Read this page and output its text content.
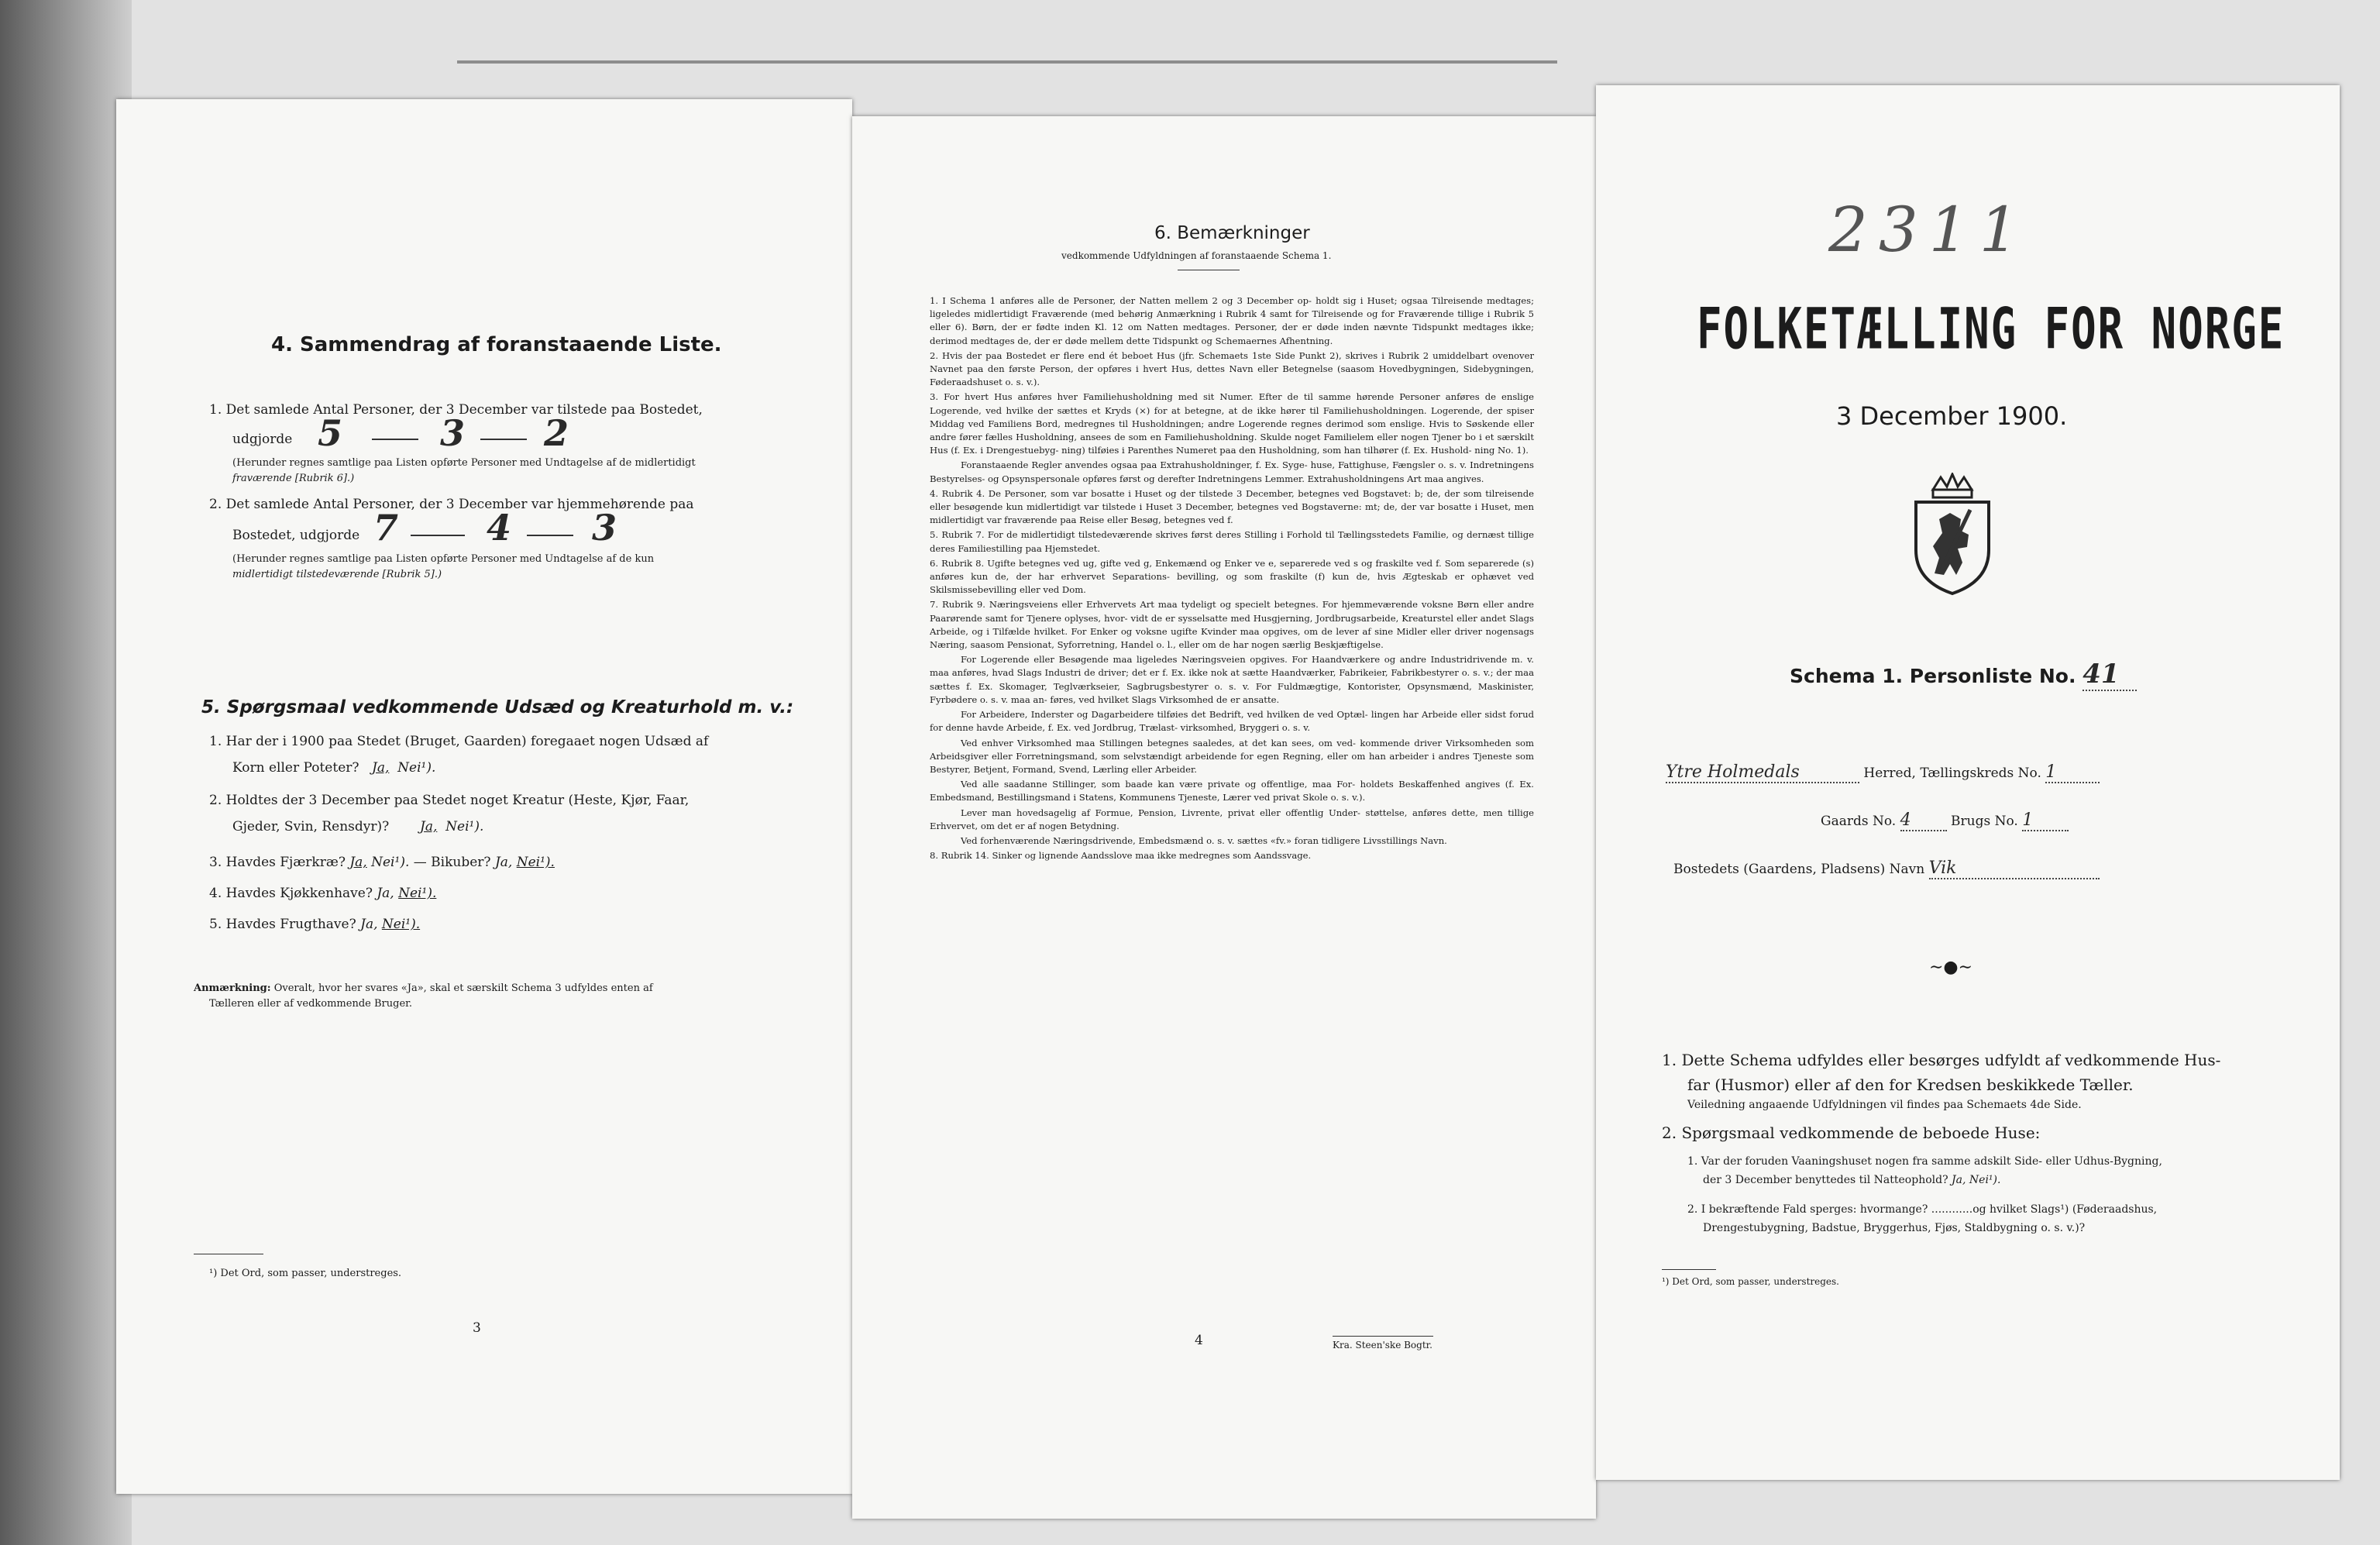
4. Sammendrag af foranstaaende Liste.
1. Det samlede Antal Personer, der 3 December var tilstede paa Bostedet,
udgjorde 5	3 2
(Herunder regnes samtlige paa Listen opførte Personer med Undtagelse af de midlertidigt
fraværende [Rubrik 6].)
2. Det samlede Antal Personer, der 3 December var hjemmehørende paa
Bostedet, udgjorde 7 4 3
(Herunder regnes samtlige paa Listen opførte Personer med Undtagelse af de kun
midlertidigt tilstedeværende [Rubrik 5].)
5. Spørgsmaal vedkommende Udsæd og Kreaturhold m. v.:
1. Har der i 1900 paa Stedet (Bruget, Gaarden) foregaaet nogen Udsæd af
Korn eller Poteter? Ja, Nei¹).
2. Holdtes der 3 December paa Stedet noget Kreatur (Heste, Kjør, Faar,
Gjeder, Svin, Rensdyr)? Ja, Nei¹).
3. Havdes Fjærkræ? Ja, Nei¹). — Bikuber? Ja, Nei¹).
4. Havdes Kjøkkenhave? Ja, Nei¹).
5. Havdes Frugthave? Ja, Nei¹).
Anmærkning: Overalt, hvor her svares «Ja», skal et særskilt Schema 3 udfyldes enten af
Tælleren eller af vedkommende Bruger.
¹) Det Ord, som passer, understreges.
3
6. Bemærkninger
vedkommende Udfyldningen af foranstaaende Schema 1.
1. I Schema 1 anføres alle de Personer, der Natten mellem 2 og 3 December op- holdt sig i Huset; ogsaa Tilreisende medtages; ligeledes midlertidigt Fraværende (med behørig Anmærkning i Rubrik 4 samt for Tilreisende og for Fraværende tillige i Rubrik 5 eller 6). Børn, der er fødte inden Kl. 12 om Natten medtages. Personer, der er døde inden nævnte Tidspunkt medtages ikke; derimod medtages de, der er døde mellem dette Tidspunkt og Schemaernes Afhentning.
2. Hvis der paa Bostedet er flere end ét beboet Hus (jfr. Schemaets 1ste Side Punkt 2), skrives i Rubrik 2 umiddelbart ovenover Navnet paa den første Person, der opføres i hvert Hus, dettes Navn eller Betegnelse (saasom Hovedbygningen, Sidebygningen, Føderaadshuset o. s. v.).
3. For hvert Hus anføres hver Familiehusholdning med sit Numer. Efter de til samme hørende Personer anføres de enslige Logerende, ved hvilke der sættes et Kryds (×) for at betegne, at de ikke hører til Familiehusholdningen. Logerende, der spiser Middag ved Familiens Bord, medregnes til Husholdningen; andre Logerende regnes derimod som enslige. Hvis to Søskende eller andre fører fælles Husholdning, ansees de som en Familiehusholdning. Skulde noget Familielem eller nogen Tjener bo i et særskilt Hus (f. Ex. i Drengestuebyg- ning) tilføies i Parenthes Numeret paa den Husholdning, som han tilhører (f. Ex. Hushold- ning No. 1).
Foranstaaende Regler anvendes ogsaa paa Extrahusholdninger, f. Ex. Syge- huse, Fattighuse, Fængsler o. s. v. Indretningens Bestyrelses- og Opsynspersonale opføres først og derefter Indretningens Lemmer. Extrahusholdningens Art maa angives.
4. Rubrik 4. De Personer, som var bosatte i Huset og der tilstede 3 December, betegnes ved Bogstavet: b; de, der som tilreisende eller besøgende kun midlertidigt var tilstede i Huset 3 December, betegnes ved Bogstaverne: mt; de, der var bosatte i Huset, men midlertidigt var fraværende paa Reise eller Besøg, betegnes ved f.
5. Rubrik 7. For de midlertidigt tilstedeværende skrives først deres Stilling i Forhold til Tællingsstedets Familie, og dernæst tillige deres Familiestilling paa Hjemstedet.
6. Rubrik 8. Ugifte betegnes ved ug, gifte ved g, Enkemænd og Enker ve e, separerede ved s og fraskilte ved f. Som separerede (s) anføres kun de, der har erhvervet Separations- bevilling, og som fraskilte (f) kun de, hvis Ægteskab er ophævet ved Skilsmissebevilling eller ved Dom.
7. Rubrik 9. Næringsveiens eller Erhvervets Art maa tydeligt og specielt betegnes. For hjemmeværende voksne Børn eller andre Paarørende samt for Tjenere oplyses, hvor- vidt de er sysselsatte med Husgjerning, Jordbrugsarbeide, Kreaturstel eller andet Slags Arbeide, og i Tilfælde hvilket. For Enker og voksne ugifte Kvinder maa opgives, om de lever af sine Midler eller driver nogensags Næring, saasom Pensionat, Syforretning, Handel o. l., eller om de har nogen særlig Beskjæftigelse.
For Logerende eller Besøgende maa ligeledes Næringsveien opgives. For Haandværkere og andre Industridrivende m. v. maa anføres, hvad Slags Industri de driver; det er f. Ex. ikke nok at sætte Haandværker, Fabrikeier, Fabrikbestyrer o. s. v.; der maa sættes f. Ex. Skomager, Teglværkseier, Sagbrugsbestyrer o. s. v. For Fuldmægtige, Kontorister, Opsynsmænd, Maskinister, Fyrbødere o. s. v. maa an- føres, ved hvilket Slags Virksomhed de er ansatte.
For Arbeidere, Inderster og Dagarbeidere tilføies det Bedrift, ved hvilken de ved Optæl- lingen har Arbeide eller sidst forud for denne havde Arbeide, f. Ex. ved Jordbrug, Trælast- virksomhed, Bryggeri o. s. v.
Ved enhver Virksomhed maa Stillingen betegnes saaledes, at det kan sees, om ved- kommende driver Virksomheden som Arbeidsgiver eller Forretningsmand, som selvstændigt arbeidende for egen Regning, eller om han arbeider i andres Tjeneste som Bestyrer, Betjent, Formand, Svend, Lærling eller Arbeider.
Ved alle saadanne Stillinger, som baade kan være private og offentlige, maa For- holdets Beskaffenhed angives (f. Ex. Embedsmand, Bestillingsmand i Statens, Kommunens Tjeneste, Lærer ved privat Skole o. s. v.).
Lever man hovedsagelig af Formue, Pension, Livrente, privat eller offentlig Under- støttelse, anføres dette, men tillige Erhvervet, om det er af nogen Betydning.
Ved forhenværende Næringsdrivende, Embedsmænd o. s. v. sættes «fv.» foran tidligere Livsstillings Navn.
8. Rubrik 14. Sinker og lignende Aandsslove maa ikke medregnes som Aandssvage.
4	Kra. Steen'ske Bogtr.
2311
FOLKETÆLLING FOR NORGE
3 December 1900.
Schema 1. Personliste No. 41
Ytre Holmedals	Herred, Tællingskreds No. 1
Gaards No. 4	Brugs No. 1
Bostedets (Gaardens, Pladsens) Navn Vik
∼●∼
1. Dette Schema udfyldes eller besørges udfyldt af vedkommende Hus-
far (Husmor) eller af den for Kredsen beskikkede Tæller.
Veiledning angaaende Udfyldningen vil findes paa Schemaets 4de Side.
2. Spørgsmaal vedkommende de beboede Huse:
1. Var der foruden Vaaningshuset nogen fra samme adskilt Side- eller Udhus-Bygning,
der 3 December benyttedes til Natteophold? Ja, Nei¹).
2. I bekræftende Fald sperges: hvormange? ............og hvilket Slags¹) (Føderaadshus,
Drengestubygning, Badstue, Bryggerhus, Fjøs, Staldbygning o. s. v.)?
¹) Det Ord, som passer, understreges.
